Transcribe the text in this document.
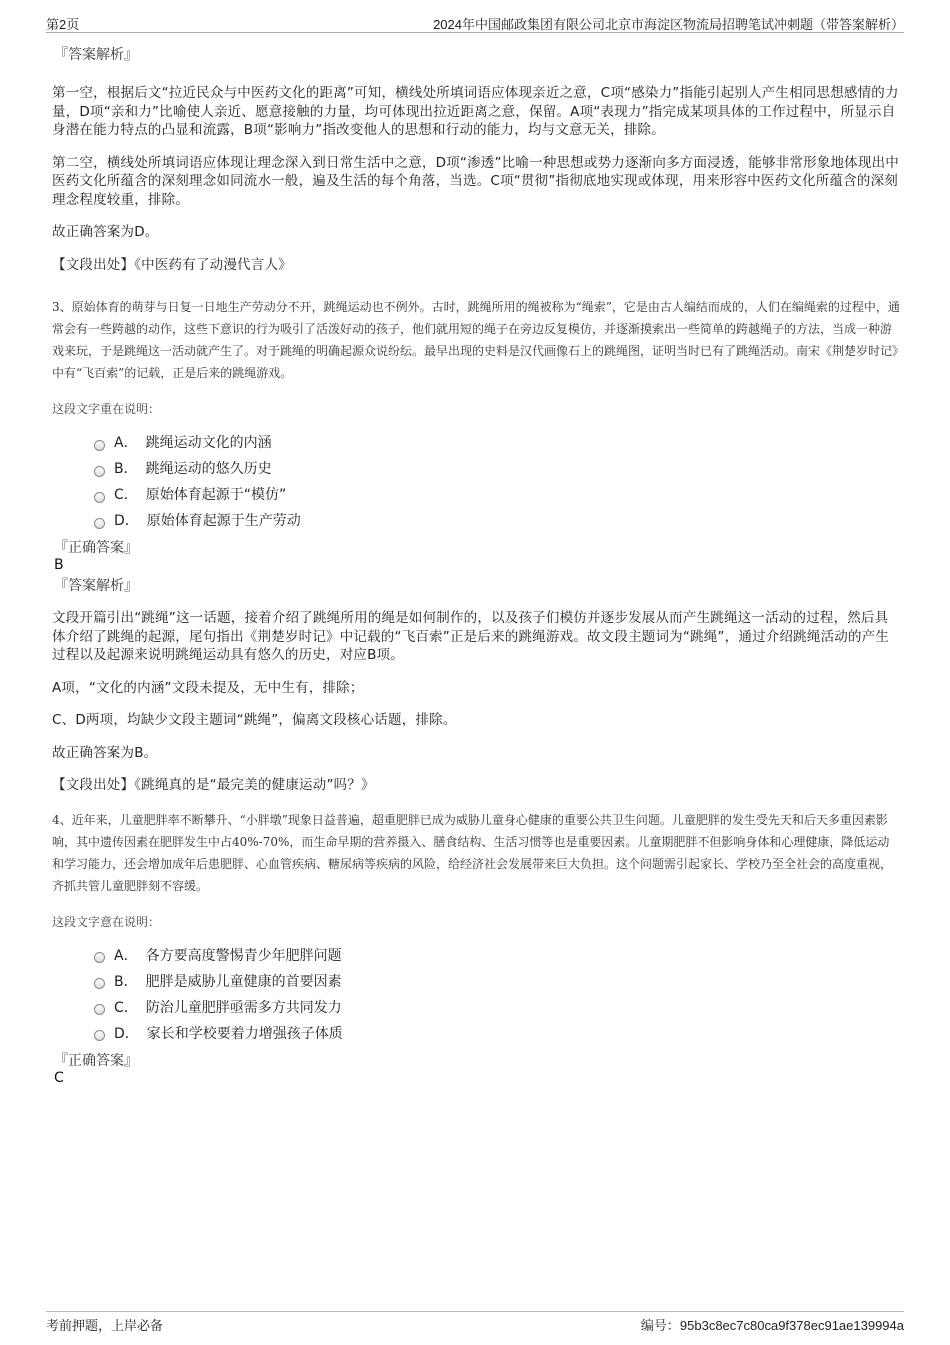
第2页	2024年中国邮政集团有限公司北京市海淀区物流局招聘笔试冲刺题（带答案解析）

『答案解析』

第一空，根据后文“拉近民众与中医药文化的距离”可知，横线处所填词语应体现亲近之意，C项“感染力”指能引起别人产生相同思想感情的力量，D项“亲和力”比喻使人亲近、愿意接触的力量，均可体现出拉近距离之意，保留。A项“表现力”指完成某项具体的工作过程中，所显示自身潜在能力特点的凸显和流露，B项“影响力”指改变他人的思想和行动的能力，均与文意无关，排除。

第二空，横线处所填词语应体现让理念深入到日常生活中之意，D项“渗透”比喻一种思想或势力逐渐向多方面浸透，能够非常形象地体现出中医药文化所蕴含的深刻理念如同流水一般，遍及生活的每个角落，当选。C项“贯彻”指彻底地实现或体现，用来形容中医药文化所蕴含的深刻理念程度较重，排除。

故正确答案为D。

【文段出处】《中医药有了动漫代言人》

3、原始体育的萌芽与日复一日地生产劳动分不开，跳绳运动也不例外。古时，跳绳所用的绳被称为“绳索”，它是由古人编结而成的，人们在编绳索的过程中，通常会有一些跨越的动作，这些下意识的行为吸引了活泼好动的孩子，他们就用短的绳子在旁边反复模仿，并逐渐摸索出一些简单的跨越绳子的方法，当成一种游戏来玩，于是跳绳这一活动就产生了。对于跳绳的明确起源众说纷纭。最早出现的史料是汉代画像石上的跳绳图，证明当时已有了跳绳活动。南宋《荆楚岁时记》中有“飞百索”的记载，正是后来的跳绳游戏。

这段文字重在说明：

A． 跳绳运动文化的内涵
B． 跳绳运动的悠久历史
C． 原始体育起源于“模仿”
D． 原始体育起源于生产劳动

『正确答案』

B

『答案解析』

文段开篇引出“跳绳”这一话题，接着介绍了跳绳所用的绳是如何制作的，以及孩子们模仿并逐步发展从而产生跳绳这一活动的过程，然后具体介绍了跳绳的起源，尾句指出《荆楚岁时记》中记载的“飞百索”正是后来的跳绳游戏。故文段主题词为“跳绳”，通过介绍跳绳活动的产生过程以及起源来说明跳绳运动具有悠久的历史，对应B项。

A项，“文化的内涵”文段未提及，无中生有，排除；

C、D两项，均缺少文段主题词“跳绳”，偏离文段核心话题，排除。

故正确答案为B。

【文段出处】《跳绳真的是“最完美的健康运动”吗？》

4、近年来，儿童肥胖率不断攀升、“小胖墩”现象日益普遍，超重肥胖已成为威胁儿童身心健康的重要公共卫生问题。儿童肥胖的发生受先天和后天多重因素影响，其中遗传因素在肥胖发生中占40%-70%，而生命早期的营养摄入、膳食结构、生活习惯等也是重要因素。儿童期肥胖不但影响身体和心理健康，降低运动和学习能力，还会增加成年后患肥胖、心血管疾病、糖尿病等疾病的风险，给经济社会发展带来巨大负担。这个问题需引起家长、学校乃至全社会的高度重视，齐抓共管儿童肥胖刻不容缓。

这段文字意在说明：

A． 各方要高度警惕青少年肥胖问题
B． 肥胖是威胁儿童健康的首要因素
C． 防治儿童肥胖亟需多方共同发力
D． 家长和学校要着力增强孩子体质

『正确答案』

C

考前押题，上岸必备	编号：95b3c8ec7c80ca9f378ec91ae139994a
